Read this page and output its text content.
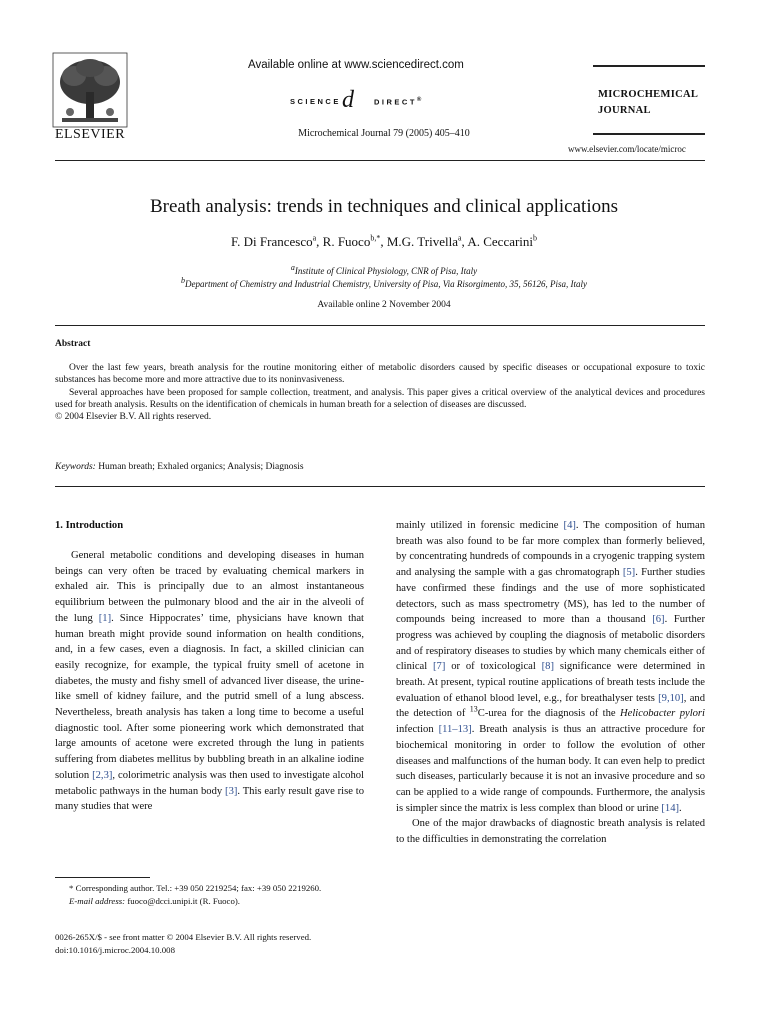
ELSEVIER
Available online at www.sciencedirect.com
SCIENCE d	DIRECT®
Microchemical Journal 79 (2005) 405–410
MICROCHEMICAL
JOURNAL
www.elsevier.com/locate/microc
Breath analysis: trends in techniques and clinical applications
F. Di Francesco$^a$, R. Fuoco$^{b,*}$, M.G. Trivella$^a$, A. Ceccarini$^b$
$^a$Institute of Clinical Physiology, CNR of Pisa, Italy
$^b$Department of Chemistry and Industrial Chemistry, University of Pisa, Via Risorgimento, 35, 56126, Pisa, Italy
Available online 2 November 2004
Abstract

Over the last few years, breath analysis for the routine monitoring either of metabolic disorders caused by specific diseases or occupational exposure to toxic substances has become more and more attractive due to its noninvasiveness.

Several approaches have been proposed for sample collection, treatment, and analysis. This paper gives a critical overview of the analytical devices and procedures used for breath analysis. Results on the identification of chemicals in human breath for a selection of diseases are discussed.

© 2004 Elsevier B.V. All rights reserved.

Keywords: Human breath; Exhaled organics; Analysis; Diagnosis
1. Introduction

General metabolic conditions and developing diseases in human beings can very often be traced by evaluating chemical markers in exhaled air. This is principally due to an almost instantaneous equilibrium between the pulmonary blood and the air in the alveoli of the lung [1]. Since Hippocrates’ time, physicians have known that human breath might provide sound information on health conditions, and, in a few cases, even a diagnosis. In fact, a skilled clinician can easily recognize, for example, the typical fruity smell of acetone in diabetes, the musty and fishy smell of advanced liver disease, the urine-like smell of kidney failure, and the putrid smell of a lung abscess. Nevertheless, breath analysis has taken a long time to become a useful diagnostic tool. After some pioneering work which demonstrated that large amounts of acetone were excreted through the lung in patients suffering from diabetes mellitus by bubbling breath in an alkaline iodine solution [2,3], colorimetric analysis was then used to investigate alcohol metabolic pathways in the human body [3]. This early result gave rise to many studies that were

* Corresponding author. Tel.: +39 050 2219254; fax: +39 050 2219260.
E-mail address: fuoco@dcci.unipi.it (R. Fuoco).
0026-265X/$ - see front matter © 2004 Elsevier B.V. All rights reserved.
doi:10.1016/j.microc.2004.10.008

mainly utilized in forensic medicine [4]. The composition of human breath was also found to be far more complex than formerly believed, by concentrating hundreds of compounds in a cryogenic trapping system and analysing the sample with a gas chromatograph [5]. Further studies have confirmed these findings and the use of more sophisticated detectors, such as mass spectrometry (MS), has led to the number of compounds being increased to more than a thousand [6]. Further progress was achieved by coupling the diagnosis of metabolic disorders and of respiratory diseases to studies by which many chemicals either of clinical [7] or of toxicological [8] significance were determined in breath. At present, typical routine applications of breath tests include the evaluation of ethanol blood level, e.g., for breathalyser tests [9,10], and the detection of $^{13}$C-urea for the diagnosis of the Helicobacter pylori infection [11–13]. Breath analysis is thus an attractive procedure for biochemical monitoring in order to follow the evolution of other diseases and malfunctions of the human body. It can even help to predict such diseases, particularly because it is not an invasive procedure and so can be applied to a wide range of compounds. Furthermore, the analysis is simpler since the matrix is less complex than blood or urine [14].

One of the major drawbacks of diagnostic breath analysis is related to the difficulties in demonstrating the correlation
